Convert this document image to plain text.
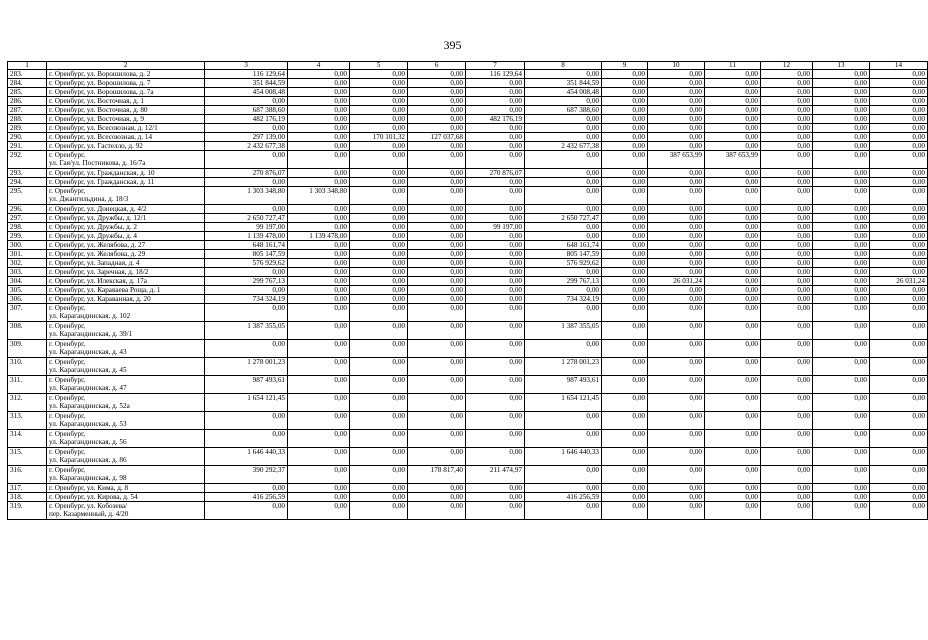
395
1	2	3	4	5	6	7	8	9	10	11	12	13	14
283.	г. Оренбург, ул. Ворошилова, д. 2	116 129,64	0,00	0,00	0,00	116 129,64	0,00	0,00	0,00	0,00	0,00	0,00	0,00
284.	г. Оренбург, ул. Ворошилова, д. 7	351 844,59	0,00	0,00	0,00	0,00	351 844,59	0,00	0,00	0,00	0,00	0,00	0,00
285.	г. Оренбург, ул. Ворошилова, д. 7а	454 008,48	0,00	0,00	0,00	0,00	454 008,48	0,00	0,00	0,00	0,00	0,00	0,00
286.	г. Оренбург, ул. Восточная, д. 1	0,00	0,00	0,00	0,00	0,00	0,00	0,00	0,00	0,00	0,00	0,00	0,00
287.	г. Оренбург, ул. Восточная, д. 80	687 388,60	0,00	0,00	0,00	0,00	687 388,60	0,00	0,00	0,00	0,00	0,00	0,00
288.	г. Оренбург, ул. Восточная, д. 9	482 176,19	0,00	0,00	0,00	482 176,19	0,00	0,00	0,00	0,00	0,00	0,00	0,00
289.	г. Оренбург, ул. Всесоюзная, д. 12/1	0,00	0,00	0,00	0,00	0,00	0,00	0,00	0,00	0,00	0,00	0,00	0,00
290.	г. Оренбург, ул. Всесоюзная, д. 14	297 139,00	0,00	170 101,32	127 037,68	0,00	0,00	0,00	0,00	0,00	0,00	0,00	0,00
291.	г. Оренбург, ул. Гастелло, д. 92	2 432 677,38	0,00	0,00	0,00	0,00	2 432 677,38	0,00	0,00	0,00	0,00	0,00	0,00
292.	г. Оренбург,
ул. Гая/ул. Постникова, д. 16/7а	0,00	0,00	0,00	0,00	0,00	0,00	0,00	387 653,99	387 653,99	0,00	0,00	0,00
293.	г. Оренбург, ул. Гражданская, д. 10	270 876,07	0,00	0,00	0,00	270 876,07	0,00	0,00	0,00	0,00	0,00	0,00	0,00
294.	г. Оренбург, ул. Гражданская, д. 11	0,00	0,00	0,00	0,00	0,00	0,00	0,00	0,00	0,00	0,00	0,00	0,00
295.	г. Оренбург,
ул. Джангильдина, д. 18/3	1 303 348,80	1 303 348,80	0,00	0,00	0,00	0,00	0,00	0,00	0,00	0,00	0,00	0,00
296.	г. Оренбург, ул. Донецкая, д. 4/2	0,00	0,00	0,00	0,00	0,00	0,00	0,00	0,00	0,00	0,00	0,00	0,00
297.	г. Оренбург, ул. Дружбы, д. 12/1	2 650 727,47	0,00	0,00	0,00	0,00	2 650 727,47	0,00	0,00	0,00	0,00	0,00	0,00
298.	г. Оренбург, ул. Дружбы, д. 2	99 197,00	0,00	0,00	0,00	99 197,00	0,00	0,00	0,00	0,00	0,00	0,00	0,00
299.	г. Оренбург, ул. Дружбы, д. 4	1 139 478,00	1 139 478,00	0,00	0,00	0,00	0,00	0,00	0,00	0,00	0,00	0,00	0,00
300.	г. Оренбург, ул. Желябова, д. 27	648 161,74	0,00	0,00	0,00	0,00	648 161,74	0,00	0,00	0,00	0,00	0,00	0,00
301.	г. Оренбург, ул. Желябова, д. 29	805 147,59	0,00	0,00	0,00	0,00	805 147,59	0,00	0,00	0,00	0,00	0,00	0,00
302.	г. Оренбург, ул. Западная, д. 4	576 929,62	0,00	0,00	0,00	0,00	576 929,62	0,00	0,00	0,00	0,00	0,00	0,00
303.	г. Оренбург, ул. Заречная, д. 18/2	0,00	0,00	0,00	0,00	0,00	0,00	0,00	0,00	0,00	0,00	0,00	0,00
304.	г. Оренбург, ул. Илекская, д. 17а	299 767,13	0,00	0,00	0,00	0,00	299 767,13	0,00	26 031,24	0,00	0,00	0,00	26 031,24
305.	г. Оренбург, ул. Караваева Роща, д. 1	0,00	0,00	0,00	0,00	0,00	0,00	0,00	0,00	0,00	0,00	0,00	0,00
306.	г. Оренбург, ул. Караванная, д. 20	734 324,19	0,00	0,00	0,00	0,00	734 324,19	0,00	0,00	0,00	0,00	0,00	0,00
307.	г. Оренбург,
ул. Карагандинская, д. 102	0,00	0,00	0,00	0,00	0,00	0,00	0,00	0,00	0,00	0,00	0,00	0,00
308.	г. Оренбург,
ул. Карагандинская, д. 39/1	1 387 355,05	0,00	0,00	0,00	0,00	1 387 355,05	0,00	0,00	0,00	0,00	0,00	0,00
309.	г. Оренбург,
ул. Карагандинская, д. 43	0,00	0,00	0,00	0,00	0,00	0,00	0,00	0,00	0,00	0,00	0,00	0,00
310.	г. Оренбург,
ул. Карагандинская, д. 45	1 278 001,23	0,00	0,00	0,00	0,00	1 278 001,23	0,00	0,00	0,00	0,00	0,00	0,00
311.	г. Оренбург,
ул. Карагандинская, д. 47	987 493,61	0,00	0,00	0,00	0,00	987 493,61	0,00	0,00	0,00	0,00	0,00	0,00
312.	г. Оренбург,
ул. Карагандинская, д. 52а	1 654 121,45	0,00	0,00	0,00	0,00	1 654 121,45	0,00	0,00	0,00	0,00	0,00	0,00
313.	г. Оренбург,
ул. Карагандинская, д. 53	0,00	0,00	0,00	0,00	0,00	0,00	0,00	0,00	0,00	0,00	0,00	0,00
314.	г. Оренбург,
ул. Карагандинская, д. 56	0,00	0,00	0,00	0,00	0,00	0,00	0,00	0,00	0,00	0,00	0,00	0,00
315.	г. Оренбург,
ул. Карагандинская, д. 86	1 646 440,33	0,00	0,00	0,00	0,00	1 646 440,33	0,00	0,00	0,00	0,00	0,00	0,00
316.	г. Оренбург,
ул. Карагандинская, д. 98	390 292,37	0,00	0,00	178 817,40	211 474,97	0,00	0,00	0,00	0,00	0,00	0,00	0,00
317.	г. Оренбург, ул. Кима, д. 8	0,00	0,00	0,00	0,00	0,00	0,00	0,00	0,00	0,00	0,00	0,00	0,00
318.	г. Оренбург, ул. Кирова, д. 54	416 256,59	0,00	0,00	0,00	0,00	416 256,59	0,00	0,00	0,00	0,00	0,00	0,00
319.	г. Оренбург, ул. Кобозева/
пер. Казарменный, д. 4/20	0,00	0,00	0,00	0,00	0,00	0,00	0,00	0,00	0,00	0,00	0,00	0,00
